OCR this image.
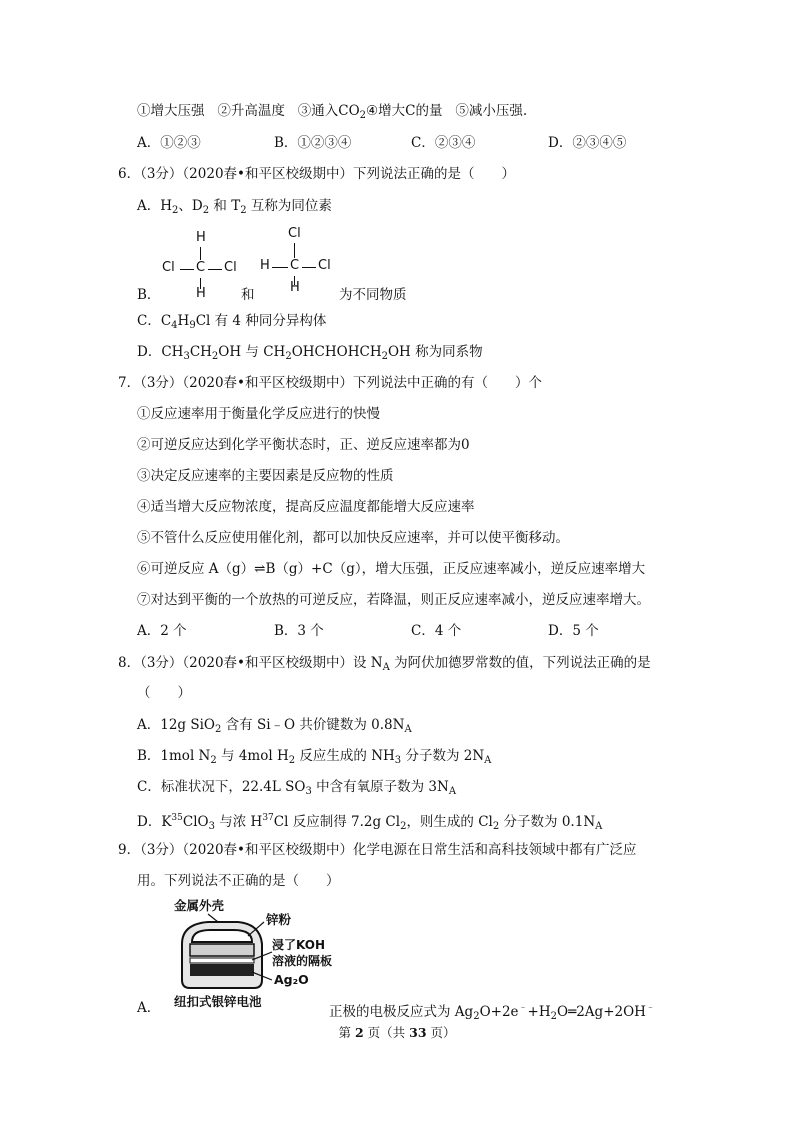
①增大压强 ②升高温度 ③通入$CO_2④$增大C的量 ⑤减小压强.
A．①②③	B．①②③④	C．②③④	D．②③④⑤
6．（3分）（2020春•和平区校级期中）下列说法正确的是（　　）
A．$H_2$、$D_2$ 和 $T_2$ 互称为同位素
H
Cl C Cl
H
Cl
H C Cl
H
B．	和	为不同物质
C．$C_4H_9Cl$ 有 4 种同分异构体
D．$CH_3CH_2OH$ 与 $CH_2OHCHOHCH_2OH$ 称为同系物
7．（3分）（2020春•和平区校级期中）下列说法中正确的有（　　）个
①反应速率用于衡量化学反应进行的快慢
②可逆反应达到化学平衡状态时，正、逆反应速率都为0
③决定反应速率的主要因素是反应物的性质
④适当增大反应物浓度，提高反应温度都能增大反应速率
⑤不管什么反应使用催化剂，都可以加快反应速率，并可以使平衡移动。
⑥可逆反应 A（g）⇌B（g）+C（g），增大压强，正反应速率减小，逆反应速率增大
⑦对达到平衡的一个放热的可逆反应，若降温，则正反应速率减小，逆反应速率增大。
A．2 个	B．3 个	C．4 个	D．5 个
8．（3分）（2020春•和平区校级期中）设 $N_A$ 为阿伏加德罗常数的值，下列说法正确的是
（　　）
A．12g SiO$_2$ 含有 Si﹣O 共价键数为 $0.8N_A$
B．1mol $N_2$ 与 4mol $H_2$ 反应生成的 $NH_3$ 分子数为 $2N_A$
C．标准状况下，22.4L $SO_3$ 中含有氧原子数为 $3N_A$
D．$K^{35}ClO_3$ 与浓 $H^{37}Cl$ 反应制得 7.2g $Cl_2$，则生成的 $Cl_2$ 分子数为 $0.1N_A$
9．（3分）（2020春•和平区校级期中）化学电源在日常生活和高科技领域中都有广泛应
用。下列说法不正确的是（　　）
金属外壳
锌粉
浸了KOH
溶液的隔板
Ag₂O
纽扣式银锌电池
A．	正极的电极反应式为 $Ag_2O+2e^﹣+H_2O═2Ag+2OH^﹣$
第 2 页（共 33 页）
